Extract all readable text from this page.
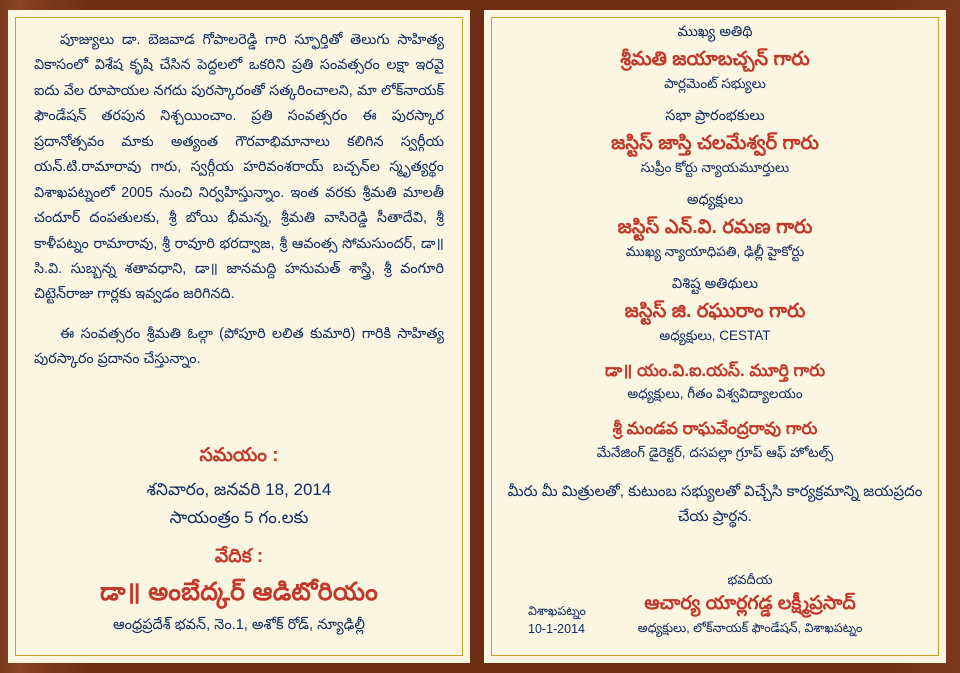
పూజ్యులు డా. బెజవాడ గోపాలరెడ్డి గారి స్ఫూర్తితో తెలుగు సాహిత్య వికాసంలో విశేష కృషి చేసిన పెద్దలలో ఒకరిని ప్రతి సంవత్సరం లక్షా ఇరవై ఐదు వేల రూపాయల నగదు పురస్కారంతో సత్కరించాలని, మా లోక్‌నాయక్ ఫౌండేషన్ తరపున నిశ్చయించాం. ప్రతి సంవత్సరం ఈ పురస్కార ప్రదానోత్సవం మాకు అత్యంత గౌరవాభిమానాలు కలిగిన స్వర్గీయ యన్.టి.రామారావు గారు, స్వర్గీయ హరివంశరాయ్ బచ్చన్‌ల స్మృత్యర్థం విశాఖపట్నంలో 2005 నుంచి నిర్వహిస్తున్నాం. ఇంత వరకు శ్రీమతి మాలతీ చందూర్ దంపతులకు, శ్రీ బోయి భీమన్న, శ్రీమతి వాసిరెడ్డి సీతాదేవి, శ్రీ కాళీపట్నం రామారావు, శ్రీ రావూరి భరద్వాజ, శ్రీ ఆవంత్స సోమసుందర్, డా॥ సి.వి. సుబ్బన్న శతావధాని, డా॥ జానమద్ది హనుమత్ శాస్త్రి, శ్రీ వంగూరి చిట్టెన్‌రాజు గార్లకు ఇవ్వడం జరిగినది.

ఈ సంవత్సరం శ్రీమతి ఓల్గా (పోపూరి లలిత కుమారి) గారికి సాహిత్య పురస్కారం ప్రదానం చేస్తున్నాం.

సమయం :
శనివారం, జనవరి 18, 2014
సాయంత్రం 5 గం.లకు
వేదిక :
డా॥ అంబేద్కర్ ఆడిటోరియం
ఆంధ్రప్రదేశ్ భవన్, నెం.1, అశోక్ రోడ్, న్యూఢిల్లీ

ముఖ్య అతిథి

శ్రీమతి జయాబచ్చన్ గారు

పార్లమెంట్ సభ్యులు

సభా ప్రారంభకులు

జస్టిస్ జాస్తి చలమేశ్వర్ గారు

సుప్రీం కోర్టు న్యాయమూర్తులు

అధ్యక్షులు

జస్టిస్ ఎన్.వి. రమణ గారు

ముఖ్య న్యాయాధిపతి, ఢిల్లీ హైకోర్టు

విశిష్ట అతిథులు

జస్టిస్ జి. రఘురాం గారు

అధ్యక్షులు, CESTAT

డా॥ యం.వి.ఐ.యస్. మూర్తి గారు

అధ్యక్షులు, గీతం విశ్వవిద్యాలయం

శ్రీ మండవ రాఘవేంద్రరావు గారు

మేనేజింగ్ డైరెక్టర్, దసపల్లా గ్రూప్ ఆఫ్ హోటల్స్

మీరు మీ మిత్రులతో, కుటుంబ సభ్యులతో విచ్చేసి కార్యక్రమాన్ని జయప్రదం చేయ ప్రార్థన.

విశాఖపట్నం
10-1-2014

భవదీయ

ఆచార్య యార్లగడ్డ లక్ష్మీప్రసాద్

అధ్యక్షులు, లోక్‌నాయక్ ఫౌండేషన్, విశాఖపట్నం
